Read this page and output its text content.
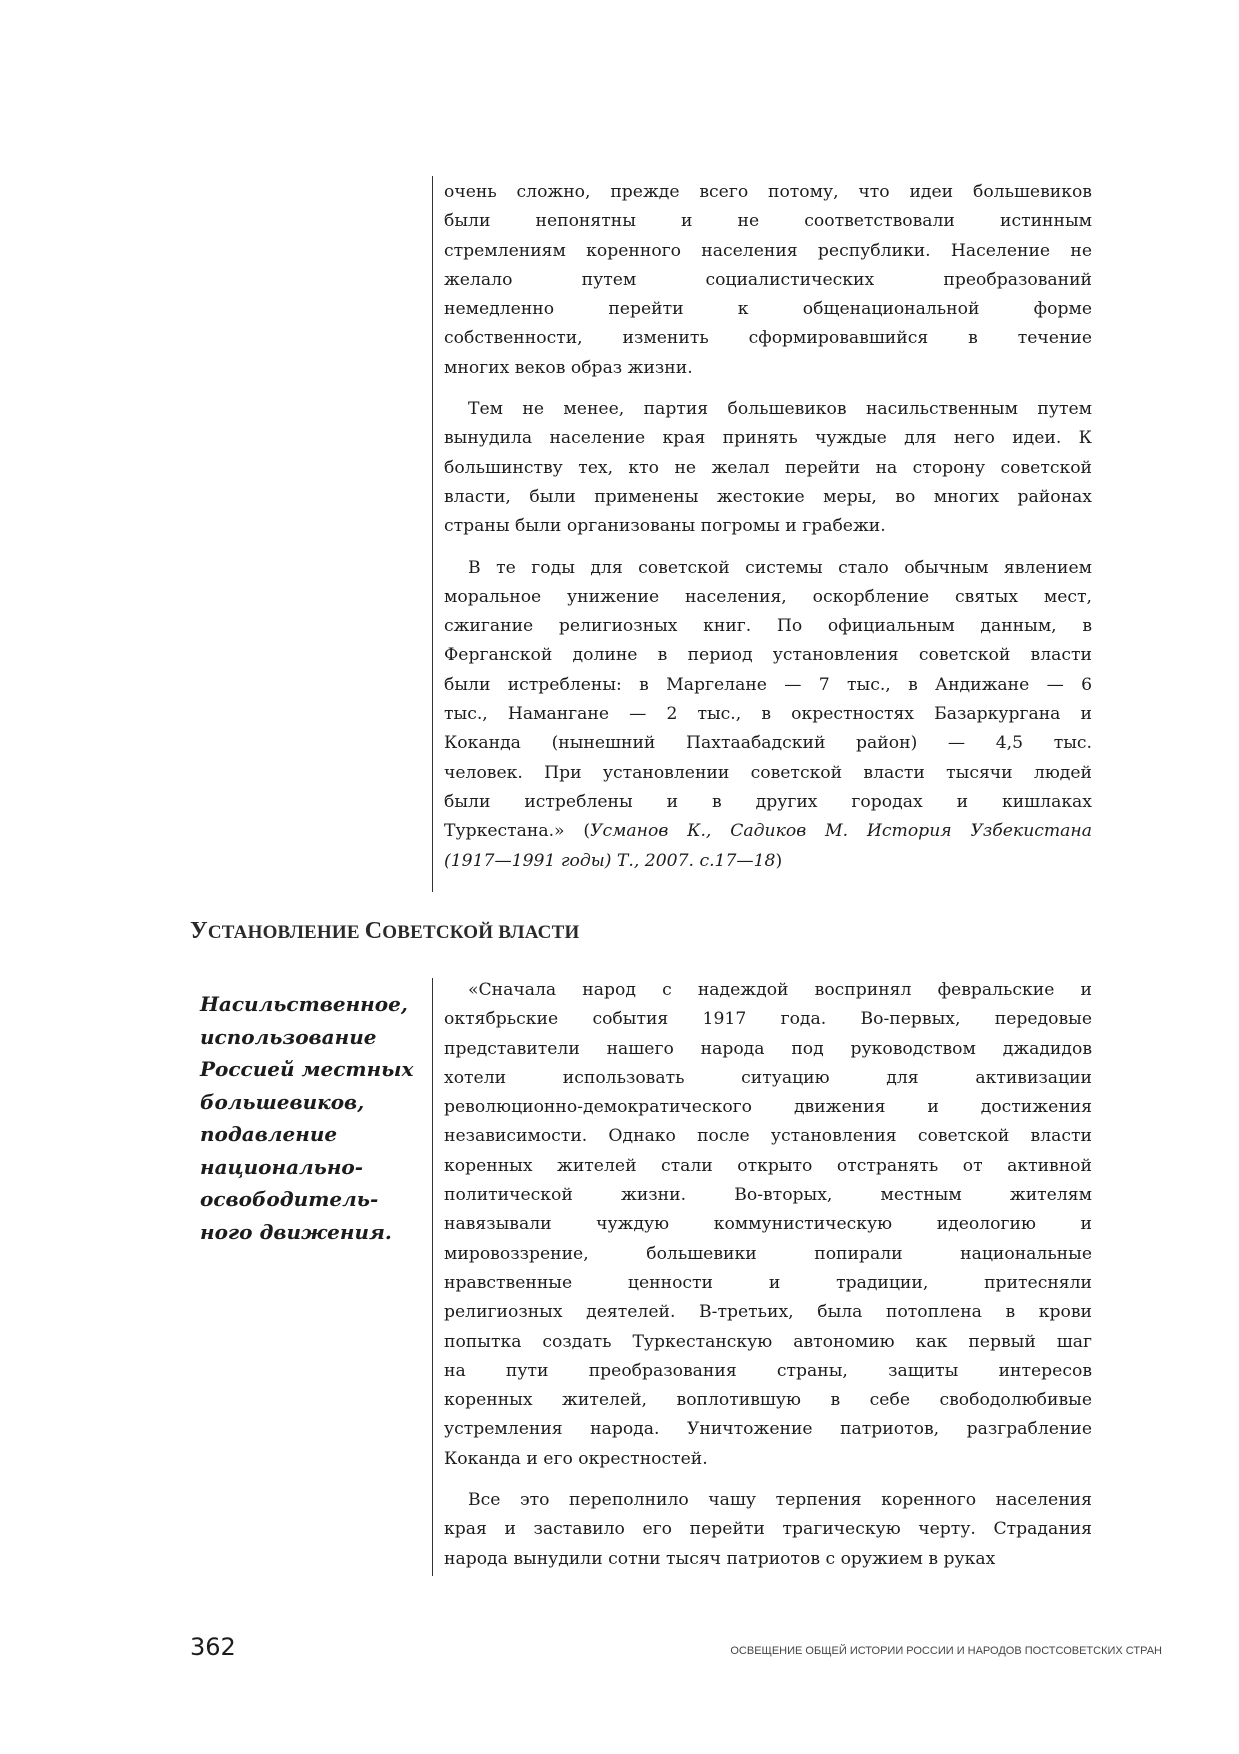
очень сложно, прежде всего потому, что идеи большевиков
были непонятны и не соответствовали истинным
стремлениям коренного населения республики. Население не
желало путем социалистических преобразований
немедленно перейти к общенациональной форме
собственности, изменить сформировавшийся в течение
многих веков образ жизни.
Тем не менее, партия большевиков насильственным путем
вынудила население края принять чуждые для него идеи. К
большинству тех, кто не желал перейти на сторону советской
власти, были применены жестокие меры, во многих районах
страны были организованы погромы и грабежи.
В те годы для советской системы стало обычным явлением
моральное унижение населения, оскорбление святых мест,
сжигание религиозных книг. По официальным данным, в
Ферганской долине в период установления советской власти
были истреблены: в Маргелане — 7 тыс., в Андижане — 6
тыс., Намангане — 2 тыс., в окрестностях Базаркургана и
Коканда (нынешний Пахтаабадский район) — 4,5 тыс.
человек. При установлении советской власти тысячи людей
были истреблены и в других городах и кишлаках
Туркестана.» (Усманов К., Садиков М. История Узбекистана
(1917—1991 годы) Т., 2007. с.17—18)
УСТАНОВЛЕНИЕ СОВЕТСКОЙ ВЛАСТИ
Насильственное,
использование
Россией местных
большевиков,
подавление
национально-
освободитель-
ного движения.
«Сначала народ с надеждой воспринял февральские и
октябрьские события 1917 года. Во-первых, передовые
представители нашего народа под руководством джадидов
хотели использовать ситуацию для активизации
революционно-демократического движения и достижения
независимости. Однако после установления советской власти
коренных жителей стали открыто отстранять от активной
политической жизни. Во-вторых, местным жителям
навязывали чуждую коммунистическую идеологию и
мировоззрение, большевики попирали национальные
нравственные ценности и традиции, притесняли
религиозных деятелей. В-третьих, была потоплена в крови
попытка создать Туркестанскую автономию как первый шаг
на пути преобразования страны, защиты интересов
коренных жителей, воплотившую в себе свободолюбивые
устремления народа. Уничтожение патриотов, разграбление
Коканда и его окрестностей.
Все это переполнило чашу терпения коренного населения
края и заставило его перейти трагическую черту. Страдания
народа вынудили сотни тысяч патриотов с оружием в руках
362	ОСВЕЩЕНИЕ ОБЩЕЙ ИСТОРИИ РОССИИ И НАРОДОВ ПОСТСОВЕТСКИХ СТРАН
